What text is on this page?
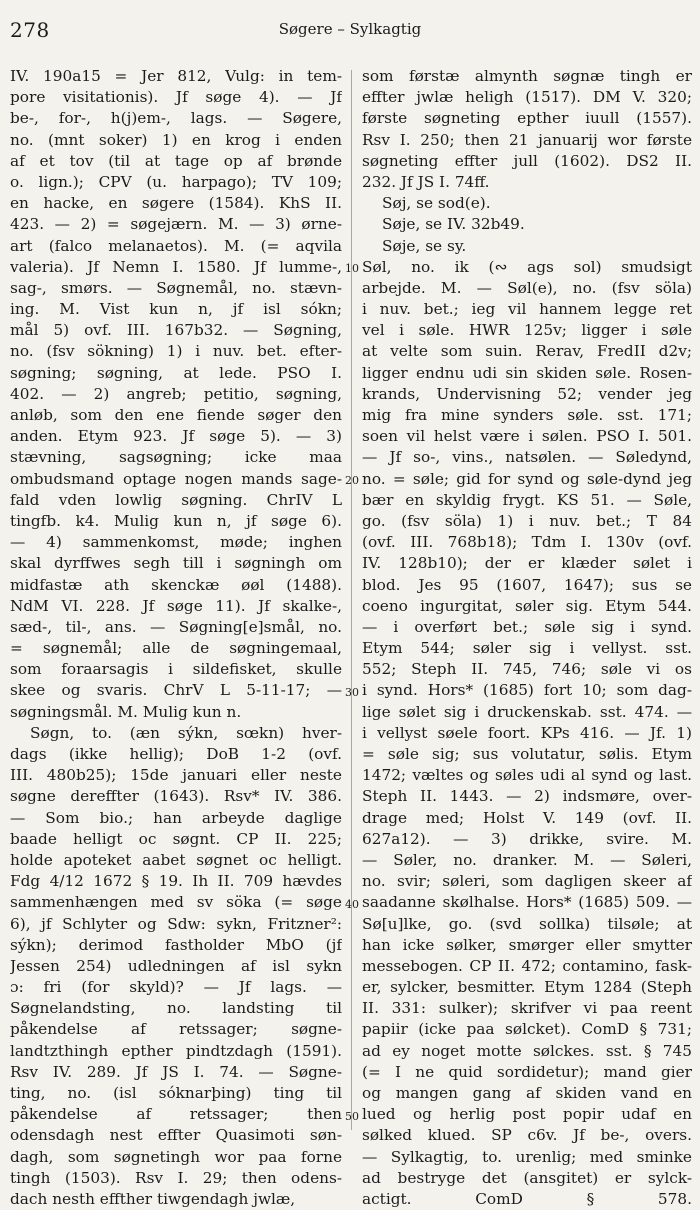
278	Søgere – Sylkagtig
IV. 190a15 = Jer 812, Vulg: in tem-
pore visitationis). Jf søge 4). — Jf
be-, for-, h(j)em-, lags. — Søgere,
no. (mnt soker) 1) en krog i enden
af et tov (til at tage op af brønde
o. lign.); CPV (u. harpago); TV 109;
en hacke, en søgere (1584). KhS II.
423. — 2) = søgejærn. M. — 3) ørne-
art (falco melanaetos). M. (= aqvila
valeria). Jf Nemn I. 1580. Jf lumme-,
sag-, smørs. — Søgnemål, no. stævn-
ing. M. Vist kun n, jf isl sókn;
mål 5) ovf. III. 167b32. — Søgning,
no. (fsv sökning) 1) i nuv. bet. efter-
søgning; søgning, at lede. PSO I.
402. — 2) angreb; petitio, søgning,
anløb, som den ene fiende søger den
anden. Etym 923. Jf søge 5). — 3)
stævning, sagsøgning; icke maa
ombudsmand optage nogen mands sage-
fald vden lowlig søgning. ChrIV L
tingfb. k4. Mulig kun n, jf søge 6).
— 4) sammenkomst, møde; inghen
skal dyrffwes segh till i søgningh om
midfastæ ath skenckæ øøl (1488).
NdM VI. 228. Jf søge 11). Jf skalke-,
sæd-, til-, ans. — Søgning[e]smål, no.
= søgnemål; alle de søgningemaal,
som foraarsagis i sildefisket, skulle
skee og svaris. ChrV L 5-11-17; —
søgningsmål. M. Mulig kun n.
Søgn, to. (æn sýkn, sœkn) hver-
dags (ikke hellig); DoB 1-2 (ovf.
III. 480b25); 15de januari eller neste
søgne dereffter (1643). Rsv* IV. 386.
— Som bio.; han arbeyde daglige
baade helligt oc søgnt. CP II. 225;
holde apoteket aabet søgnet oc helligt.
Fdg 4/12 1672 § 19. Ih II. 709 hævdes
sammenhængen med sv söka (= søge
6), jf Schlyter og Sdw: sykn, Fritzner²:
sýkn); derimod fastholder MbO (jf
Jessen 254) udledningen af isl sykn
ɔ: fri (for skyld)? — Jf lags. —
Søgnelandsting, no. landsting til
påkendelse af retssager; søgne-
landtzthingh epther pindtzdagh (1591).
Rsv IV. 289. Jf JS I. 74. — Søgne-
ting, no. (isl sóknarþing) ting til
påkendelse af retssager; then
odensdagh nest effter Quasimoti søn-
dagh, som søgnetingh wor paa forne
tingh (1503). Rsv I. 29; then odens-
dach nesth effther tiwgendagh jwlæ,
10
20
30
40
50
som førstæ almynth søgnæ tingh er
effter jwlæ heligh (1517). DM V. 320;
første søgneting epther iuull (1557).
Rsv I. 250; then 21 januarij wor første
søgneting effter jull (1602). DS2 II.
232. Jf JS I. 74ff.
Søj, se sod(e).
Søje, se IV. 32b49.
Søje, se sy.
Søl, no. ik (∾ ags sol) smudsigt
arbejde. M. — Søl(e), no. (fsv söla)
i nuv. bet.; ieg vil hannem legge ret
vel i søle. HWR 125v; ligger i søle
at velte som suin. Rerav, FredII d2v;
ligger endnu udi sin skiden søle. Rosen-
krands, Undervisning 52; vender jeg
mig fra mine synders søle. sst. 171;
soen vil helst være i sølen. PSO I. 501.
— Jf so-, vins., natsølen. — Søledynd,
no. = søle; gid for synd og søle-dynd jeg
bær en skyldig frygt. KS 51. — Søle,
go. (fsv söla) 1) i nuv. bet.; T 84
(ovf. III. 768b18); Tdm I. 130v (ovf.
IV. 128b10); der er klæder sølet i
blod. Jes 95 (1607, 1647); sus se
coeno ingurgitat, søler sig. Etym 544.
— i overført bet.; søle sig i synd.
Etym 544; søler sig i vellyst. sst.
552; Steph II. 745, 746; søle vi os
i synd. Hors* (1685) fort 10; som dag-
lige sølet sig i druckenskab. sst. 474. —
i vellyst søele foort. KPs 416. — Jf. 1)
= søle sig; sus volutatur, sølis. Etym
1472; væltes og søles udi al synd og last.
Steph II. 1443. — 2) indsmøre, over-
drage med; Holst V. 149 (ovf. II.
627a12). — 3) drikke, svire. M.
— Søler, no. dranker. M. — Søleri,
no. svir; søleri, som dagligen skeer af
saadanne skølhalse. Hors* (1685) 509. —
Sø[u]lke, go. (svd sollka) tilsøle; at
han icke sølker, smørger eller smytter
messebogen. CP II. 472; contamino, fask-
er, sylcker, besmitter. Etym 1284 (Steph
II. 331: sulker); skrifver vi paa reent
papiir (icke paa sølcket). ComD § 731;
ad ey noget motte sølckes. sst. § 745
(= I ne quid sordidetur); mand gier
og mangen gang af skiden vand en
lued og herlig post popir udaf en
sølked klued. SP c6v. Jf be-, overs.
— Sylkagtig, to. urenlig; med sminke
ad bestryge det (ansgitet) er sylck-
actigt. ComD § 578.
